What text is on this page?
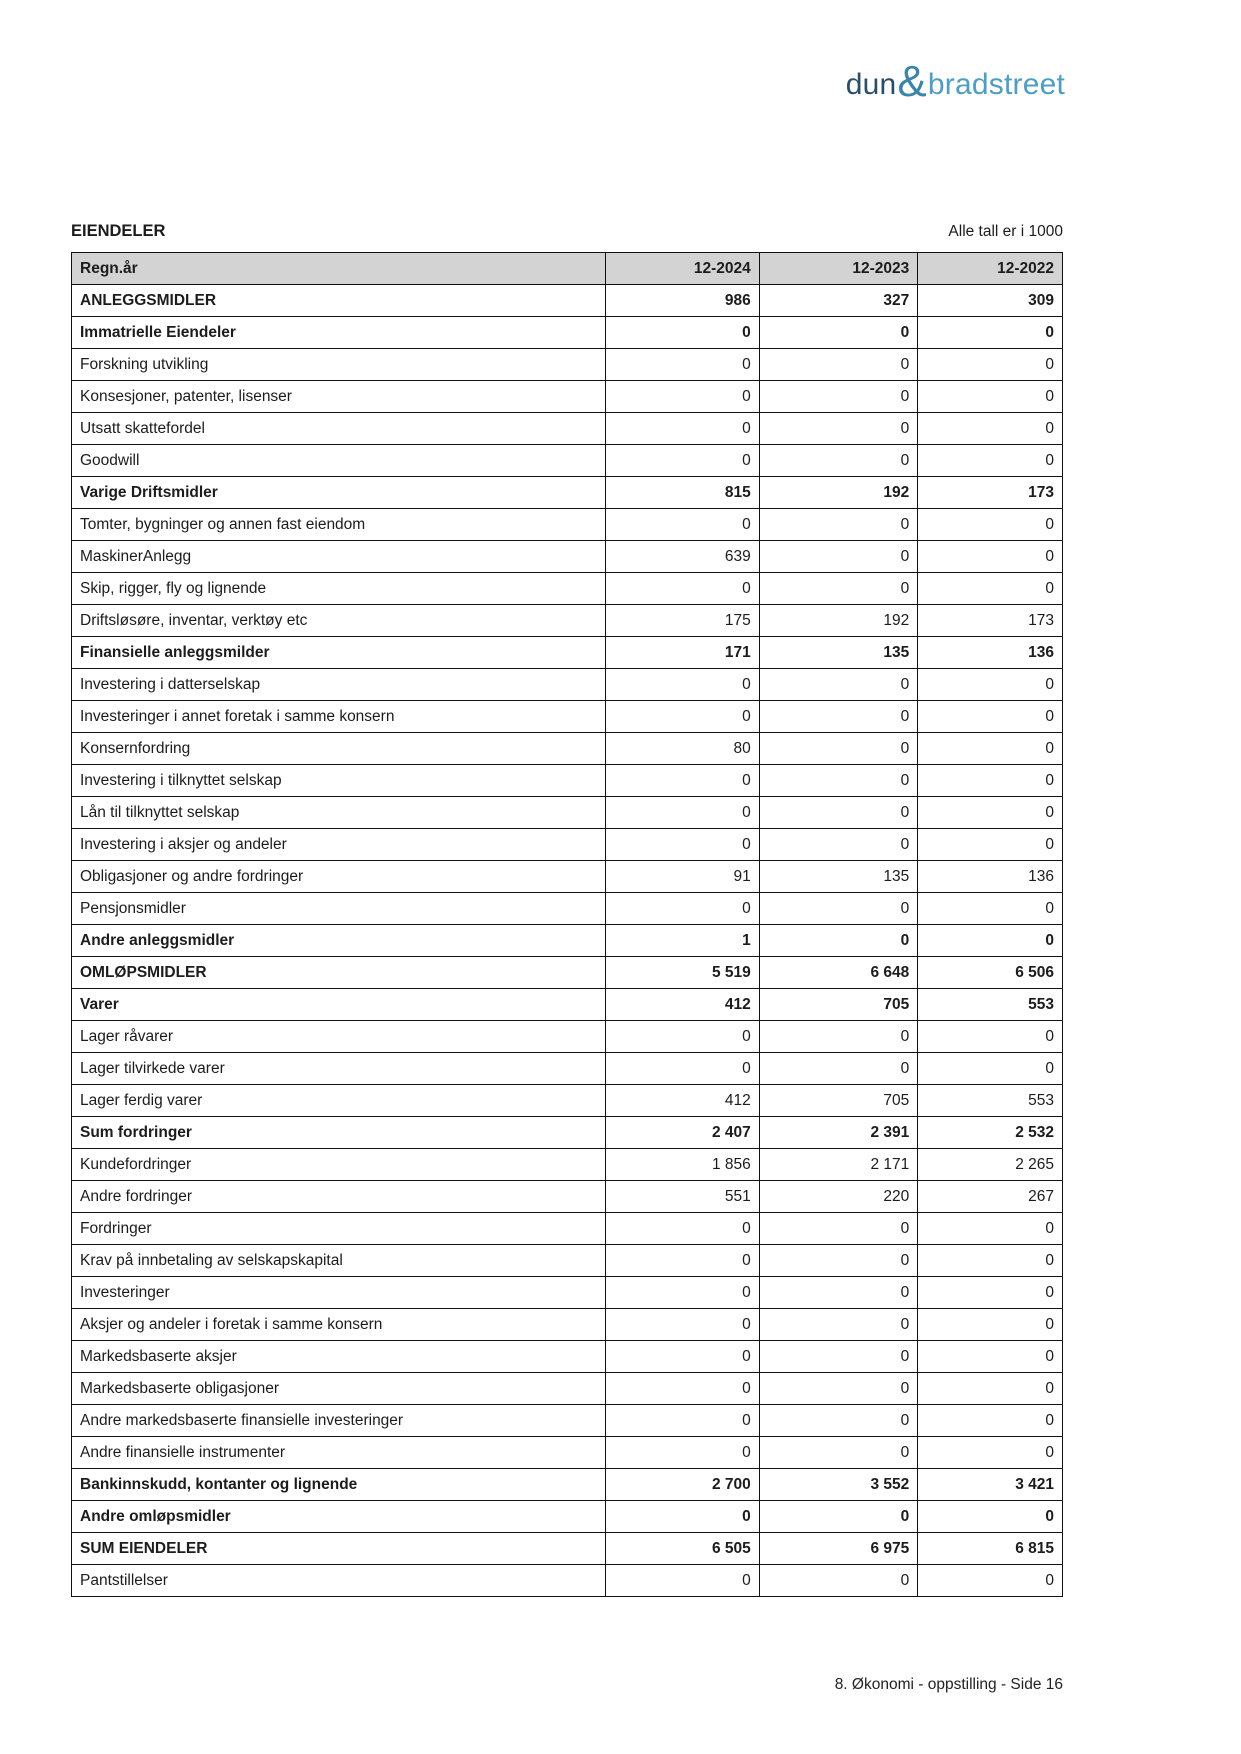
dun & bradstreet
EIENDELER	Alle tall er i 1000
Regn.år	12-2024	12-2023	12-2022
ANLEGGSMIDLER	986	327	309
Immatrielle Eiendeler	0	0	0
Forskning utvikling	0	0	0
Konsesjoner, patenter, lisenser	0	0	0
Utsatt skattefordel	0	0	0
Goodwill	0	0	0
Varige Driftsmidler	815	192	173
Tomter, bygninger og annen fast eiendom	0	0	0
MaskinerAnlegg	639	0	0
Skip, rigger, fly og lignende	0	0	0
Driftsløsøre, inventar, verktøy etc	175	192	173
Finansielle anleggsmilder	171	135	136
Investering i datterselskap	0	0	0
Investeringer i annet foretak i samme konsern	0	0	0
Konsernfordring	80	0	0
Investering i tilknyttet selskap	0	0	0
Lån til tilknyttet selskap	0	0	0
Investering i aksjer og andeler	0	0	0
Obligasjoner og andre fordringer	91	135	136
Pensjonsmidler	0	0	0
Andre anleggsmidler	1	0	0
OMLØPSMIDLER	5 519	6 648	6 506
Varer	412	705	553
Lager råvarer	0	0	0
Lager tilvirkede varer	0	0	0
Lager ferdig varer	412	705	553
Sum fordringer	2 407	2 391	2 532
Kundefordringer	1 856	2 171	2 265
Andre fordringer	551	220	267
Fordringer	0	0	0
Krav på innbetaling av selskapskapital	0	0	0
Investeringer	0	0	0
Aksjer og andeler i foretak i samme konsern	0	0	0
Markedsbaserte aksjer	0	0	0
Markedsbaserte obligasjoner	0	0	0
Andre markedsbaserte finansielle investeringer	0	0	0
Andre finansielle instrumenter	0	0	0
Bankinnskudd, kontanter og lignende	2 700	3 552	3 421
Andre omløpsmidler	0	0	0
SUM EIENDELER	6 505	6 975	6 815
Pantstillelser	0	0	0
8. Økonomi - oppstilling - Side 16
